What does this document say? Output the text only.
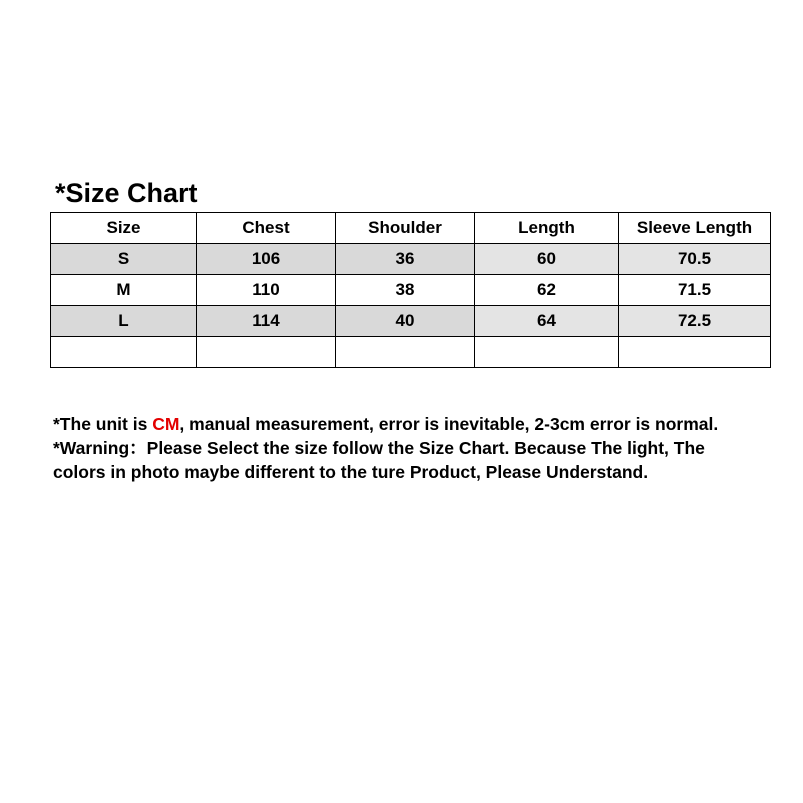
*Size Chart
Size	Chest	Shoulder	Length	Sleeve Length
S	106	36	60	70.5
M	110	38	62	71.5
L	114	40	64	72.5

*The unit is CM, manual measurement, error is inevitable, 2-3cm error is normal. *Warning：Please Select the size follow the Size Chart. Because The light, The colors in photo maybe different to the ture Product, Please Understand.
